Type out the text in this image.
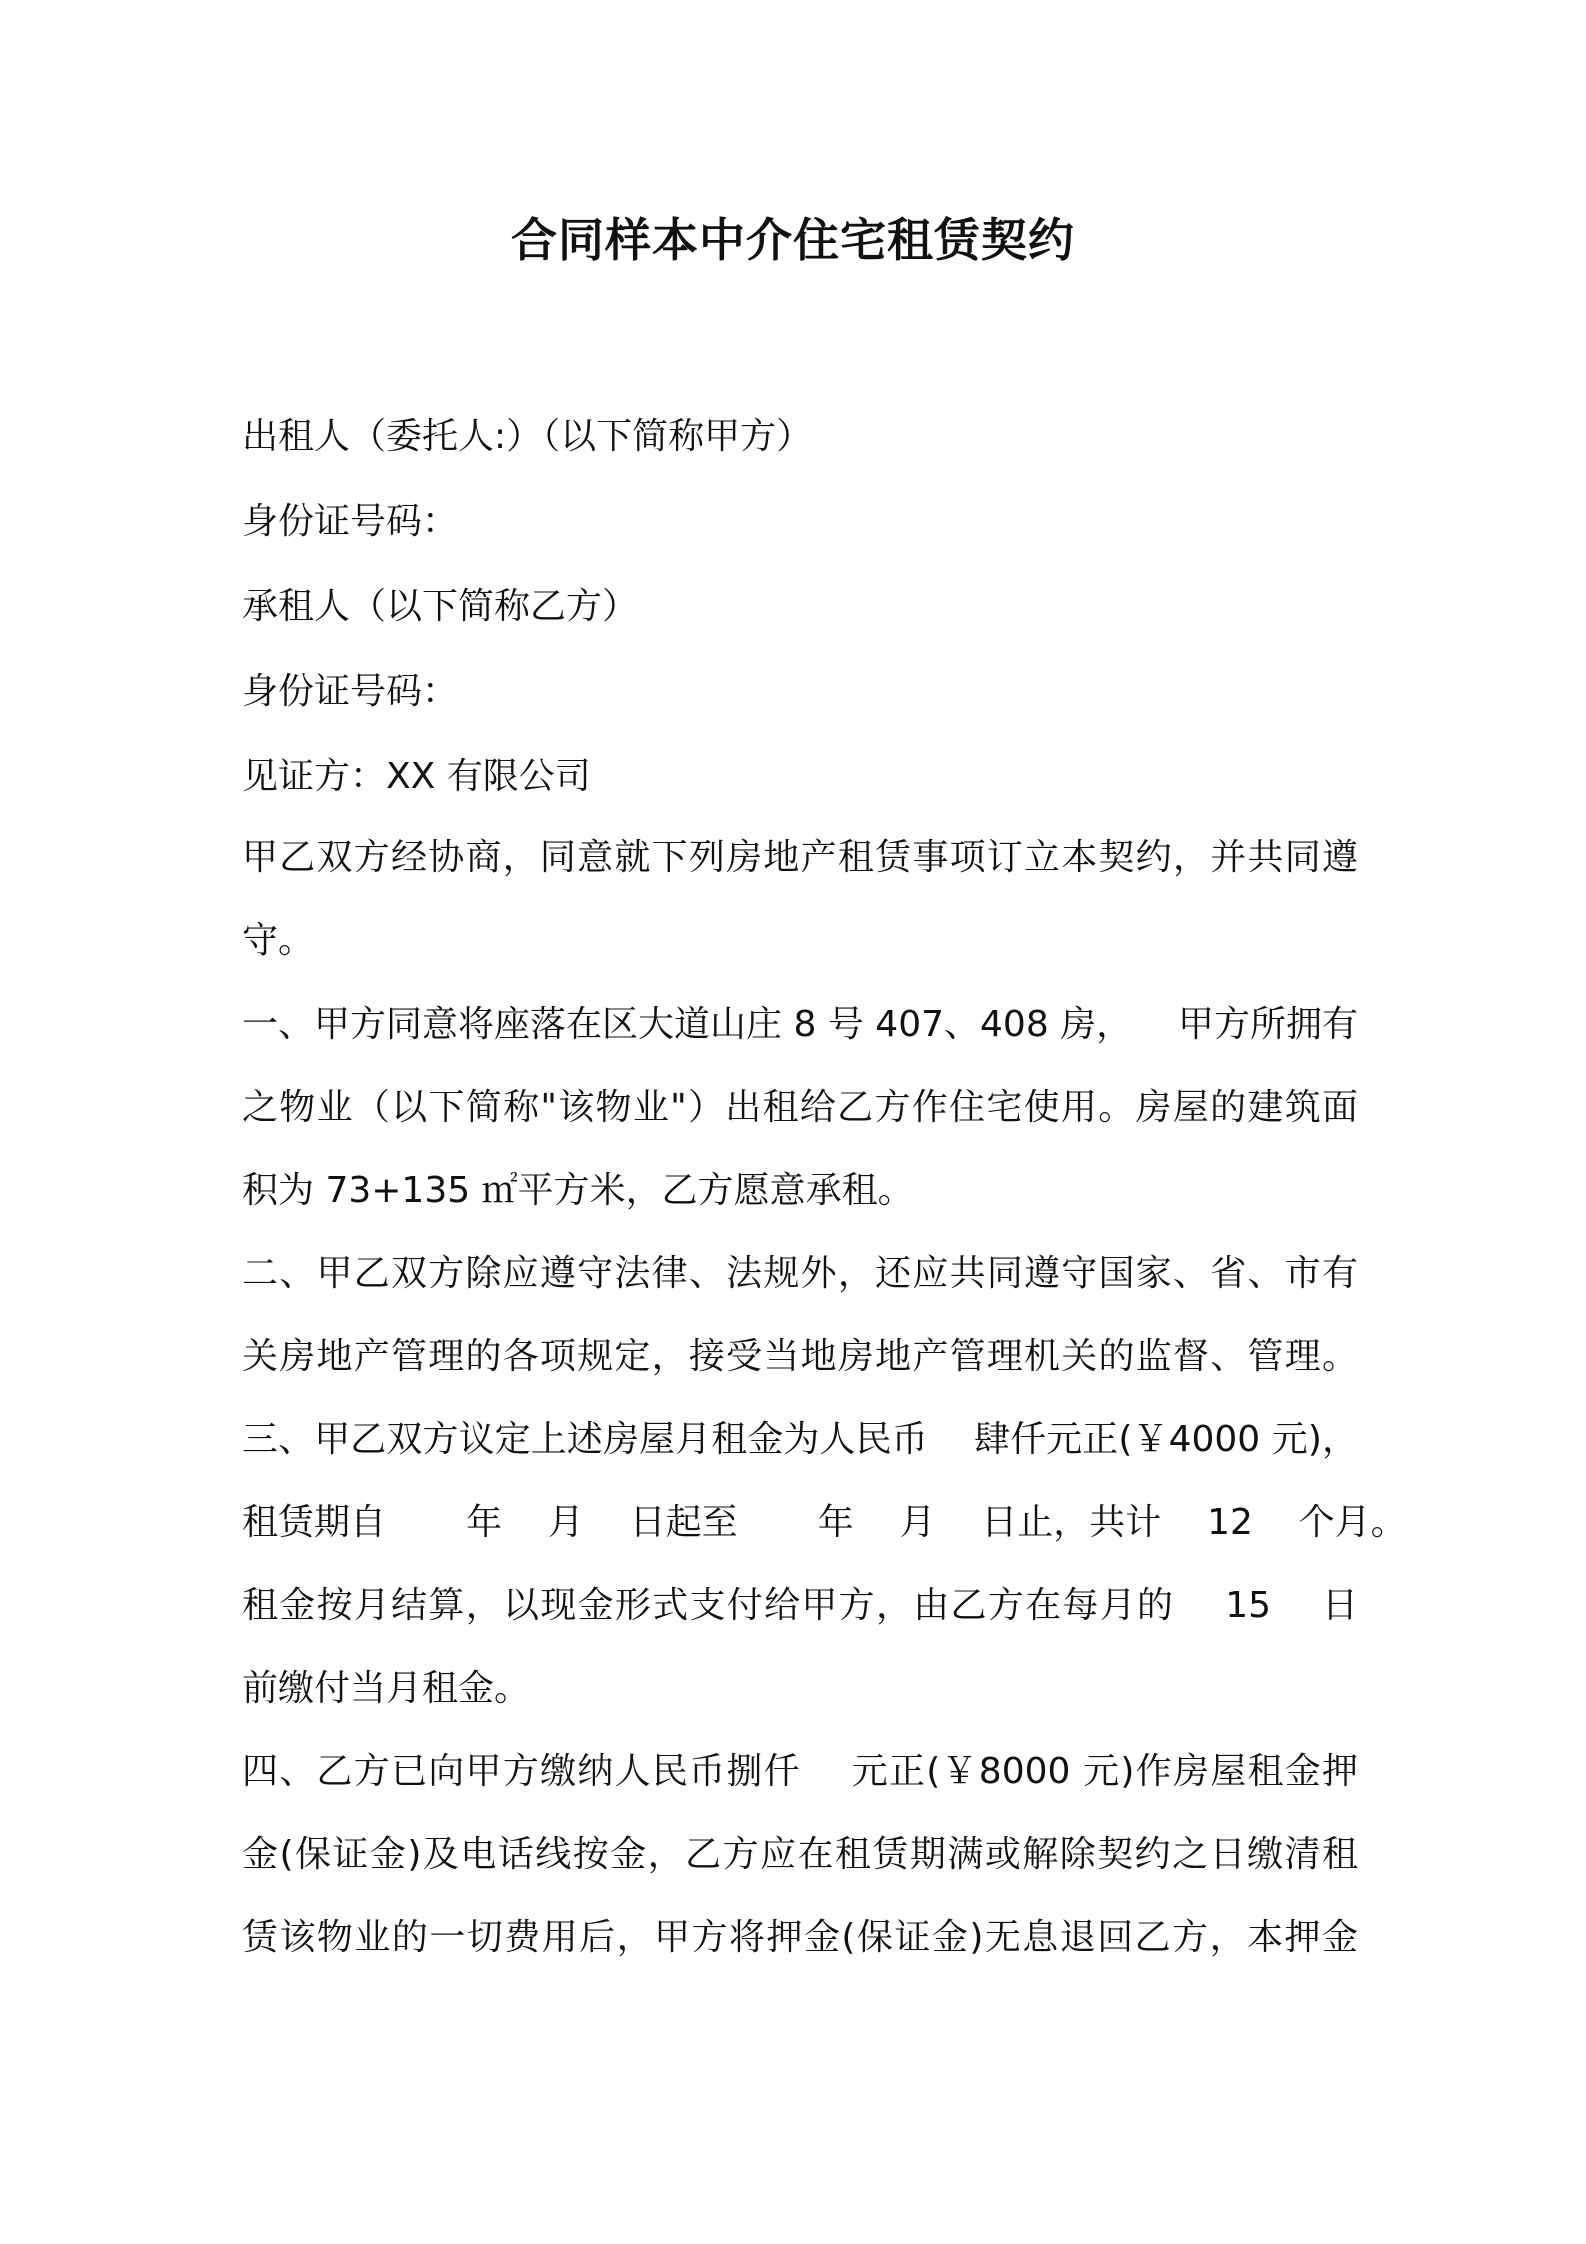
合同样本中介住宅租赁契约
出租人（委托人:）（以下简称甲方）
身份证号码：
承租人（以下简称乙方）
身份证号码：
见证方：XX 有限公司
甲乙双方经协商，同意就下列房地产租赁事项订立本契约，并共同遵
守。
一、甲方同意将座落在区大道山庄 8 号 407、408 房，    甲方所拥有
之物业（以下简称"该物业"）出租给乙方作住宅使用。房屋的建筑面
积为 73+135 ㎡平方米，乙方愿意承租。
二、甲乙双方除应遵守法律、法规外，还应共同遵守国家、省、市有
关房地产管理的各项规定，接受当地房地产管理机关的监督、管理。
三、甲乙双方议定上述房屋月租金为人民币    肆仟元正(￥4000 元)，
租赁期自       年    月    日起至       年    月    日止，共计    12    个月。
租金按月结算，以现金形式支付给甲方，由乙方在每月的    15    日
前缴付当月租金。
四、乙方已向甲方缴纳人民币捌仟    元正(￥8000 元)作房屋租金押
金(保证金)及电话线按金，乙方应在租赁期满或解除契约之日缴清租
赁该物业的一切费用后，甲方将押金(保证金)无息退回乙方，本押金
